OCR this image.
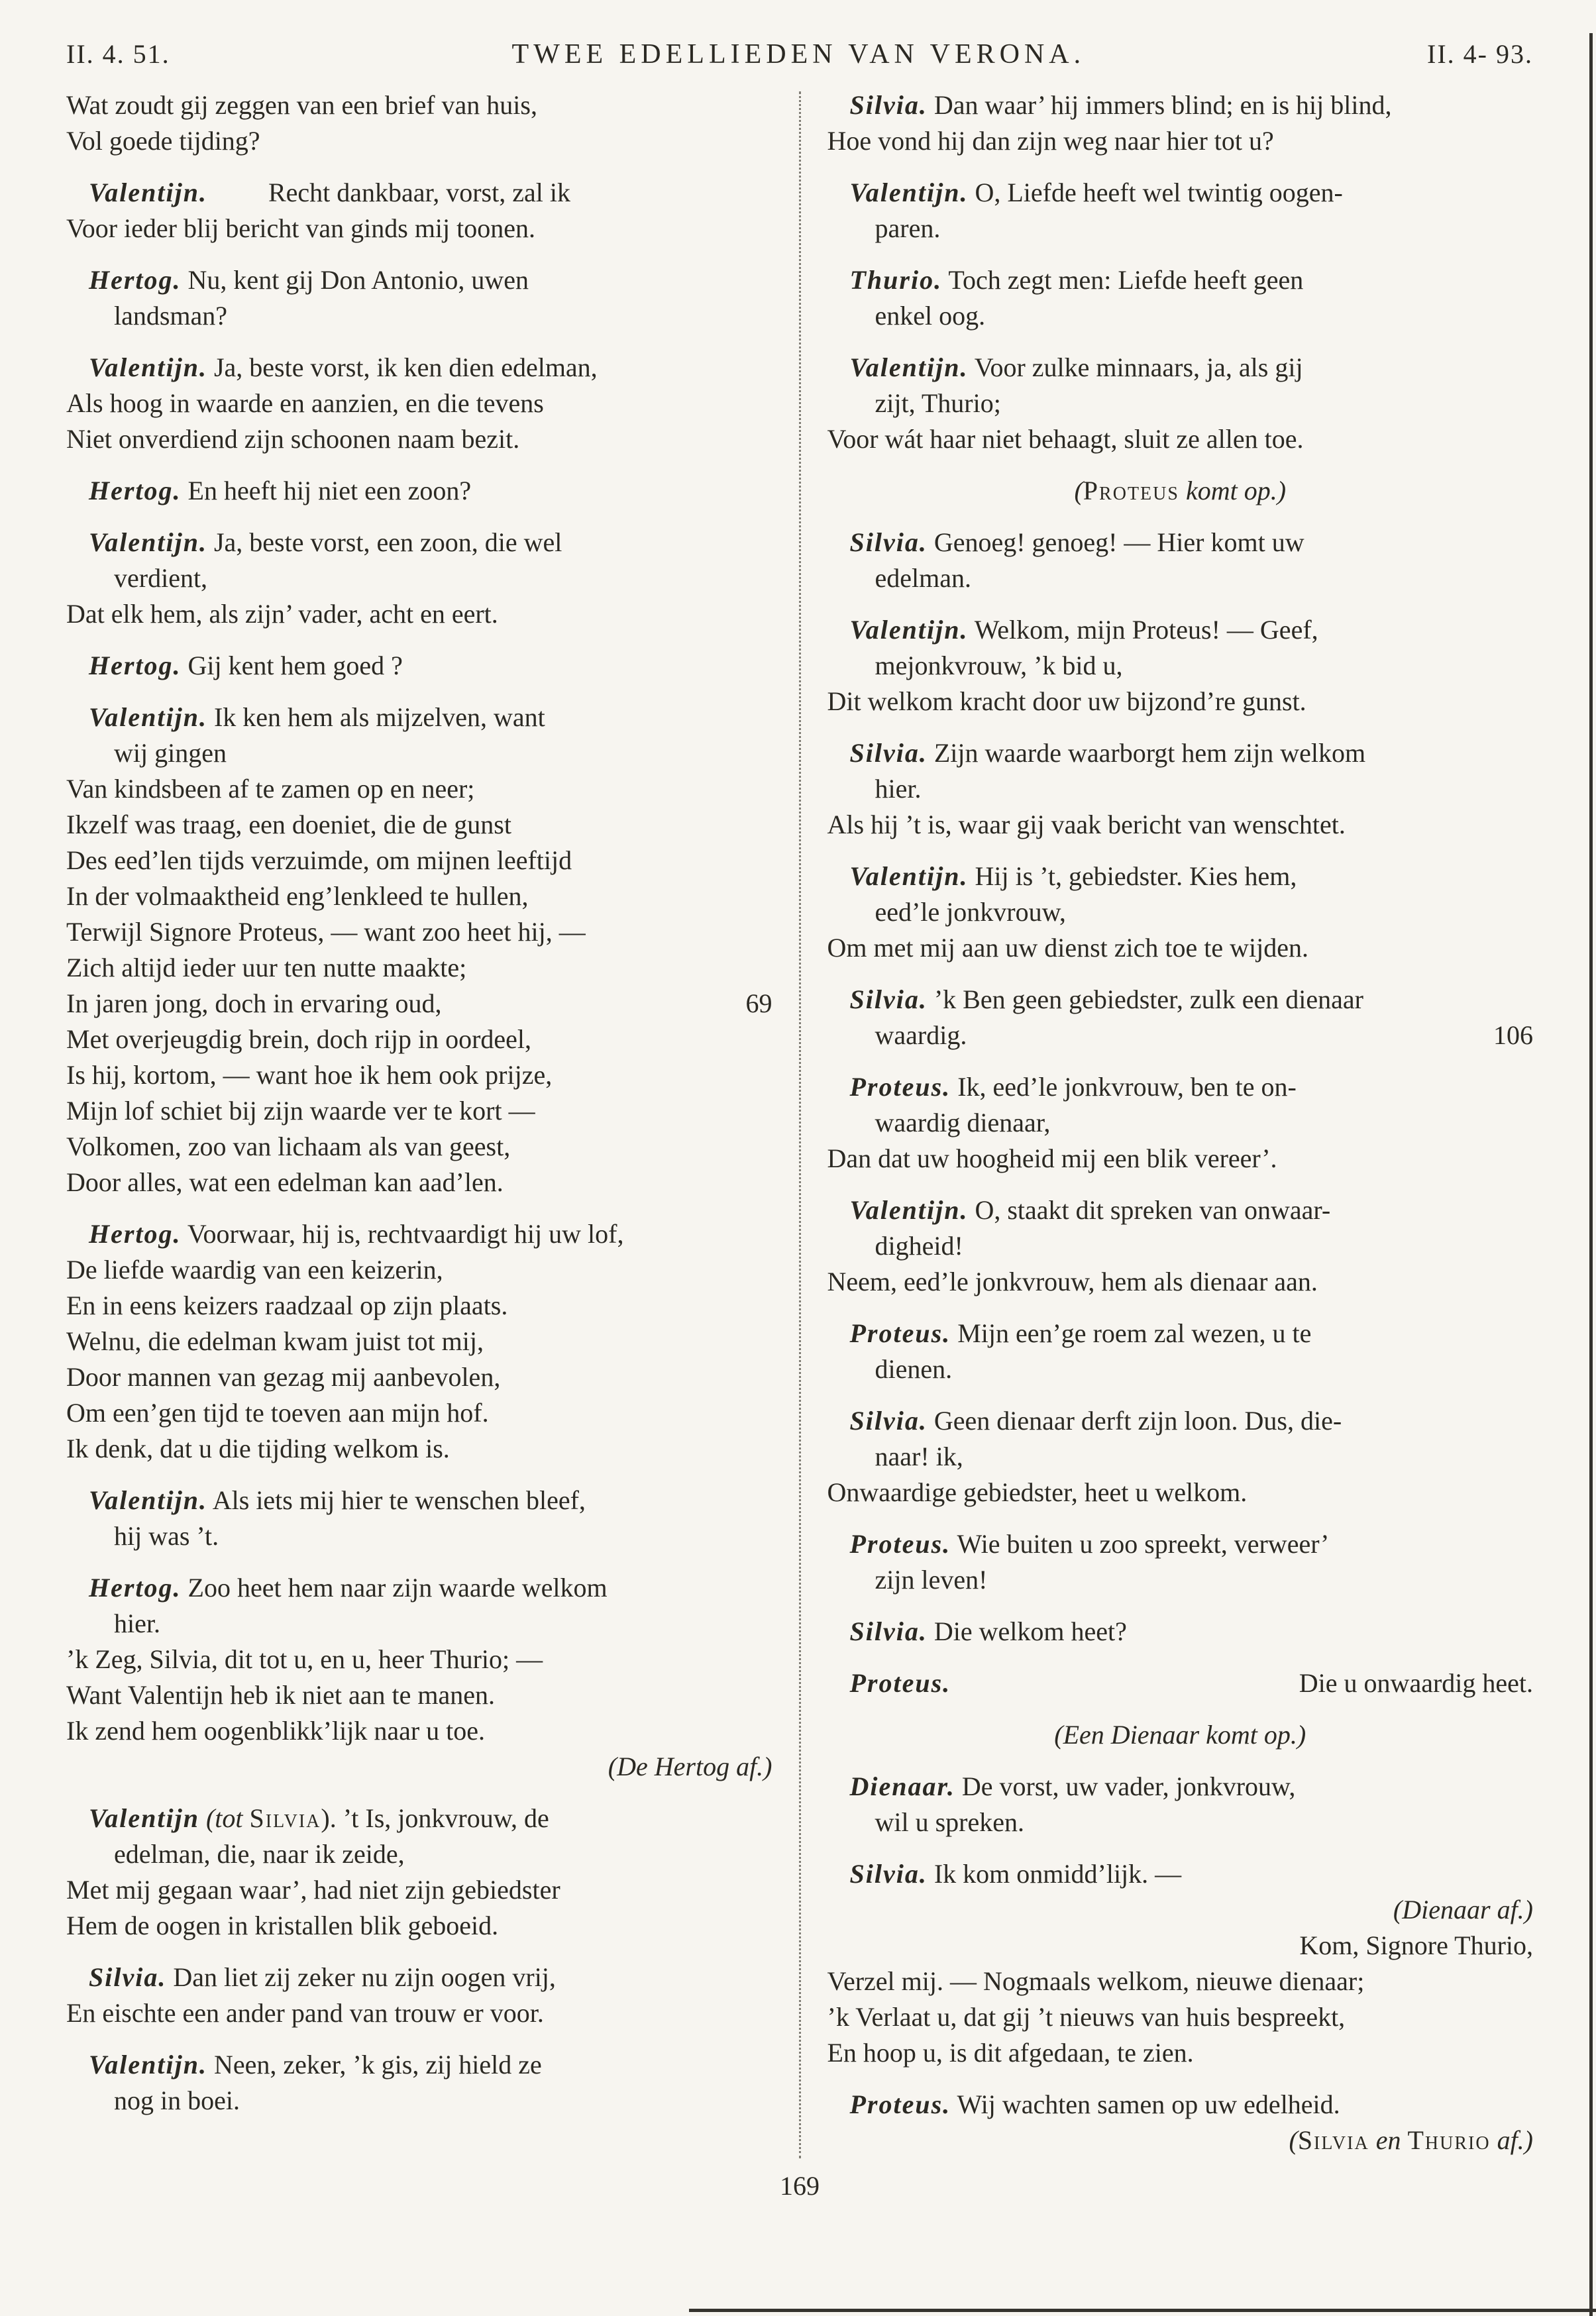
II. 4. 51.	TWEE EDELLIEDEN VAN VERONA.	II. 4- 93.
Wat zoudt gij zeggen van een brief van huis,
Vol goede tijding?
Valentijn. Recht dankbaar, vorst, zal ik
Voor ieder blij bericht van ginds mij toonen.
Hertog. Nu, kent gij Don Antonio, uwen
landsman?
Valentijn. Ja, beste vorst, ik ken dien edelman,
Als hoog in waarde en aanzien, en die tevens
Niet onverdiend zijn schoonen naam bezit.
Hertog. En heeft hij niet een zoon?
Valentijn. Ja, beste vorst, een zoon, die wel
verdient,
Dat elk hem, als zijn’ vader, acht en eert.
Hertog. Gij kent hem goed ?
Valentijn. Ik ken hem als mijzelven, want
wij gingen
Van kindsbeen af te zamen op en neer;
Ikzelf was traag, een doeniet, die de gunst
Des eed’len tijds verzuimde, om mijnen leeftijd
In der volmaaktheid eng’lenkleed te hullen,
Terwijl Signore Proteus, — want zoo heet hij, —
Zich altijd ieder uur ten nutte maakte;
In jaren jong, doch in ervaring oud,	69
Met overjeugdig brein, doch rijp in oordeel,
Is hij, kortom, — want hoe ik hem ook prijze,
Mijn lof schiet bij zijn waarde ver te kort —
Volkomen, zoo van lichaam als van geest,
Door alles, wat een edelman kan aad’len.
Hertog. Voorwaar, hij is, rechtvaardigt hij uw lof,
De liefde waardig van een keizerin,
En in eens keizers raadzaal op zijn plaats.
Welnu, die edelman kwam juist tot mij,
Door mannen van gezag mij aanbevolen,
Om een’gen tijd te toeven aan mijn hof.
Ik denk, dat u die tijding welkom is.
Valentijn. Als iets mij hier te wenschen bleef,
hij was ’t.
Hertog. Zoo heet hem naar zijn waarde welkom
hier.
’k Zeg, Silvia, dit tot u, en u, heer Thurio; —
Want Valentijn heb ik niet aan te manen.
Ik zend hem oogenblikk’lijk naar u toe.
(De Hertog af.)
Valentijn (tot Silvia). ’t Is, jonkvrouw, de
edelman, die, naar ik zeide,
Met mij gegaan waar’, had niet zijn gebiedster
Hem de oogen in kristallen blik geboeid.
Silvia. Dan liet zij zeker nu zijn oogen vrij,
En eischte een ander pand van trouw er voor.
Valentijn. Neen, zeker, ’k gis, zij hield ze
nog in boei.
Silvia. Dan waar’ hij immers blind; en is hij blind,
Hoe vond hij dan zijn weg naar hier tot u?
Valentijn. O, Liefde heeft wel twintig oogen-
paren.
Thurio. Toch zegt men: Liefde heeft geen
enkel oog.
Valentijn. Voor zulke minnaars, ja, als gij
zijt, Thurio;
Voor wát haar niet behaagt, sluit ze allen toe.
(Proteus komt op.)
Silvia. Genoeg! genoeg! — Hier komt uw
edelman.
Valentijn. Welkom, mijn Proteus! — Geef,
mejonkvrouw, ’k bid u,
Dit welkom kracht door uw bijzond’re gunst.
Silvia. Zijn waarde waarborgt hem zijn welkom
hier.
Als hij ’t is, waar gij vaak bericht van wenschtet.
Valentijn. Hij is ’t, gebiedster. Kies hem,
eed’le jonkvrouw,
Om met mij aan uw dienst zich toe te wijden.
Silvia. ’k Ben geen gebiedster, zulk een dienaar
waardig.	106
Proteus. Ik, eed’le jonkvrouw, ben te on-
waardig dienaar,
Dan dat uw hoogheid mij een blik vereer’.
Valentijn. O, staakt dit spreken van onwaar-
digheid!
Neem, eed’le jonkvrouw, hem als dienaar aan.
Proteus. Mijn een’ge roem zal wezen, u te
dienen.
Silvia. Geen dienaar derft zijn loon. Dus, die-
naar! ik,
Onwaardige gebiedster, heet u welkom.
Proteus. Wie buiten u zoo spreekt, verweer’
zijn leven!
Silvia. Die welkom heet?
Proteus.	Die u onwaardig heet.
(Een Dienaar komt op.)
Dienaar. De vorst, uw vader, jonkvrouw,
wil u spreken.
Silvia. Ik kom onmidd’lijk. —
(Dienaar af.)
Kom, Signore Thurio,
Verzel mij. — Nogmaals welkom, nieuwe dienaar;
’k Verlaat u, dat gij ’t nieuws van huis bespreekt,
En hoop u, is dit afgedaan, te zien.
Proteus. Wij wachten samen op uw edelheid.
(Silvia en Thurio af.)
169
